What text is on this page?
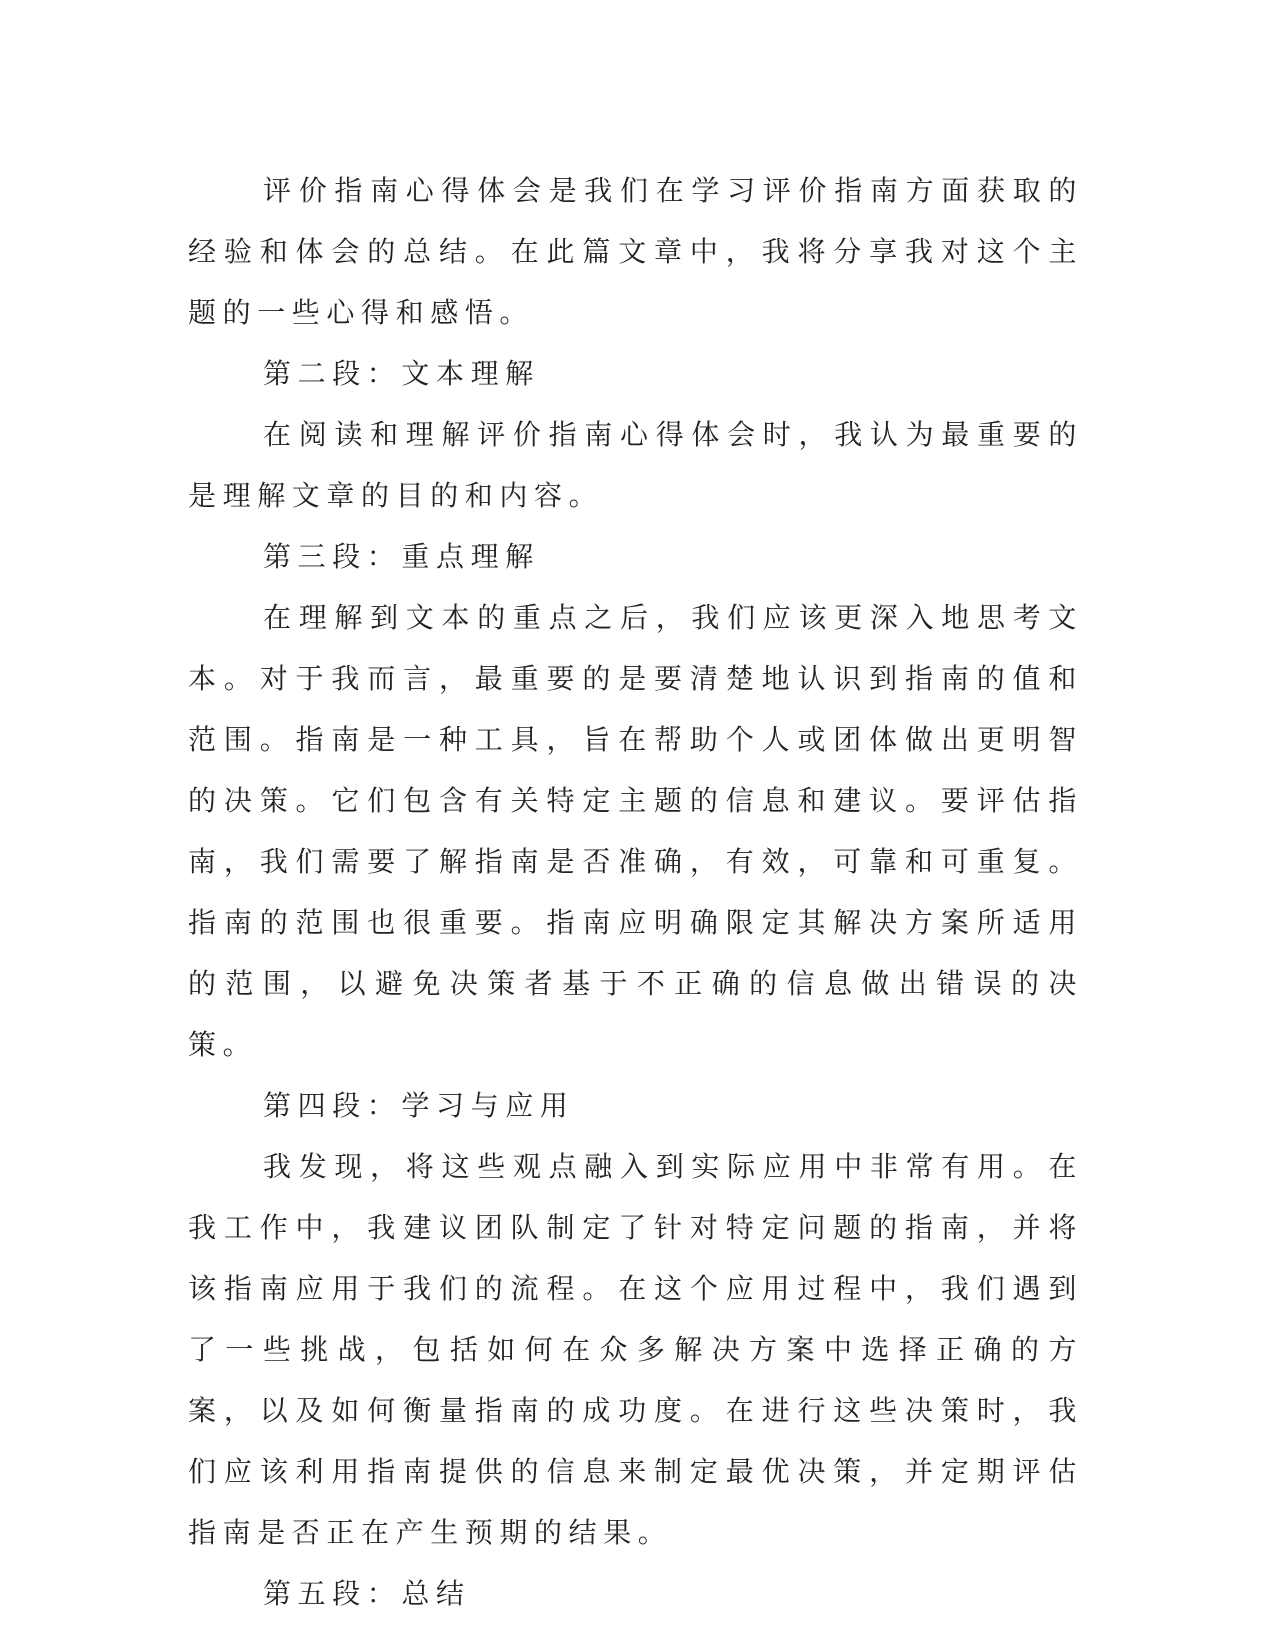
评价指南心得体会是我们在学习评价指南方面获取的经验和体会的总结。在此篇文章中，我将分享我对这个主题的一些心得和感悟。

第二段：文本理解

在阅读和理解评价指南心得体会时，我认为最重要的是理解文章的目的和内容。

第三段：重点理解

在理解到文本的重点之后，我们应该更深入地思考文本。对于我而言，最重要的是要清楚地认识到指南的值和范围。指南是一种工具，旨在帮助个人或团体做出更明智的决策。它们包含有关特定主题的信息和建议。要评估指南，我们需要了解指南是否准确，有效，可靠和可重复。指南的范围也很重要。指南应明确限定其解决方案所适用的范围，以避免决策者基于不正确的信息做出错误的决策。

第四段：学习与应用

我发现，将这些观点融入到实际应用中非常有用。在我工作中，我建议团队制定了针对特定问题的指南，并将该指南应用于我们的流程。在这个应用过程中，我们遇到了一些挑战，包括如何在众多解决方案中选择正确的方案，以及如何衡量指南的成功度。在进行这些决策时，我们应该利用指南提供的信息来制定最优决策，并定期评估指南是否正在产生预期的结果。

第五段：总结
